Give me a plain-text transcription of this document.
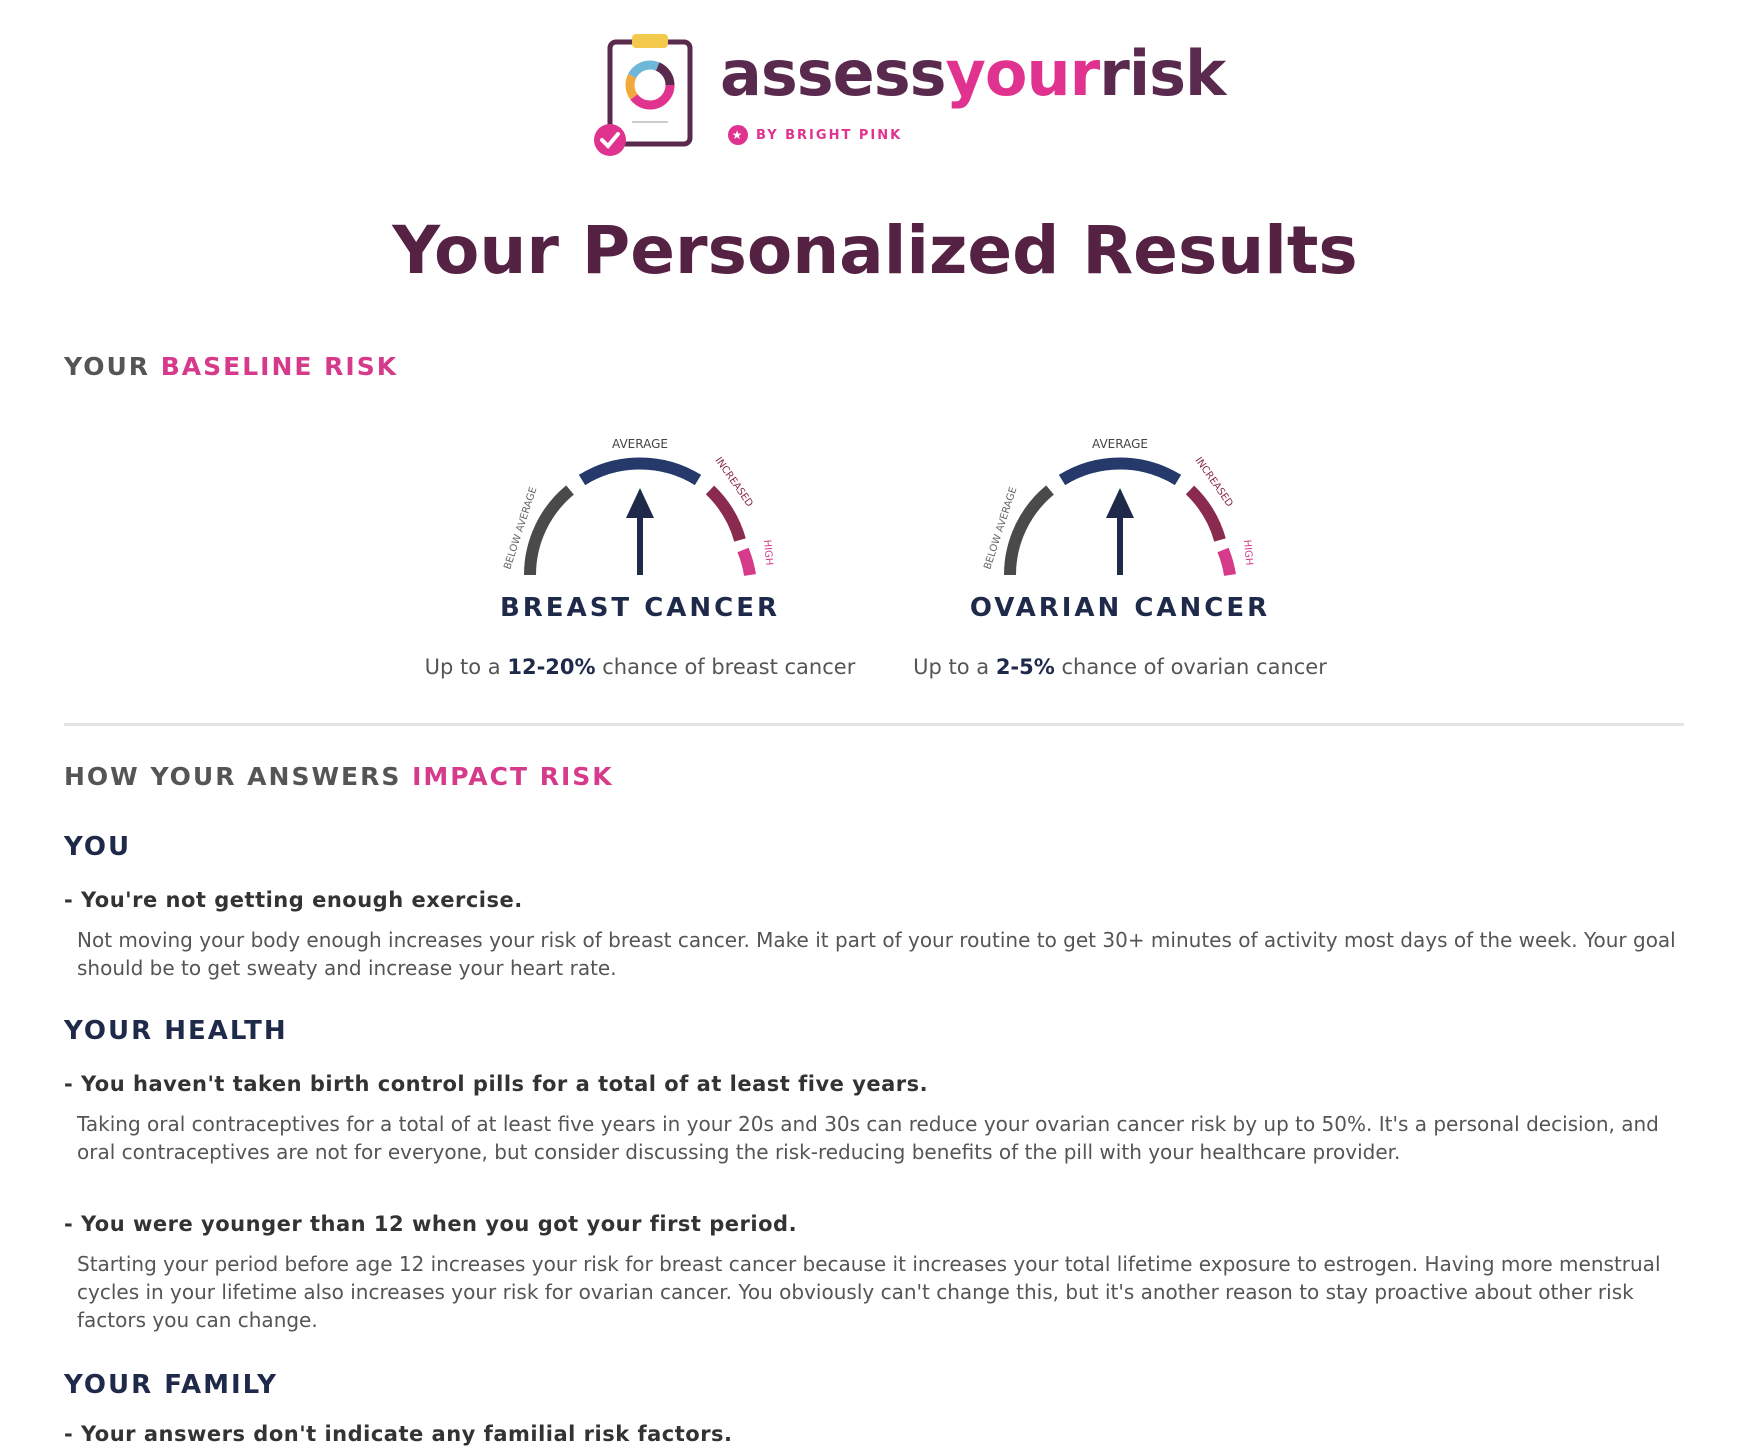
assessyourrisk
★ BY BRIGHT PINK
Your Personalized Results
YOUR BASELINE RISK
AVERAGE
BELOW AVERAGE
INCREASED
HIGH
BREAST CANCER
Up to a 12-20% chance of breast cancer
AVERAGE
BELOW AVERAGE
INCREASED
HIGH
OVARIAN CANCER
Up to a 2-5% chance of ovarian cancer
HOW YOUR ANSWERS IMPACT RISK
YOU
- You're not getting enough exercise.

Not moving your body enough increases your risk of breast cancer. Make it part of your routine to get 30+ minutes of activity most days of the week. Your goal should be to get sweaty and increase your heart rate.

YOUR HEALTH
- You haven't taken birth control pills for a total of at least five years.

Taking oral contraceptives for a total of at least five years in your 20s and 30s can reduce your ovarian cancer risk by up to 50%. It's a personal decision, and oral contraceptives are not for everyone, but consider discussing the risk-reducing benefits of the pill with your healthcare provider.

- You were younger than 12 when you got your first period.

Starting your period before age 12 increases your risk for breast cancer because it increases your total lifetime exposure to estrogen. Having more menstrual cycles in your lifetime also increases your risk for ovarian cancer. You obviously can't change this, but it's another reason to stay proactive about other risk factors you can change.

YOUR FAMILY
- Your answers don't indicate any familial risk factors.
